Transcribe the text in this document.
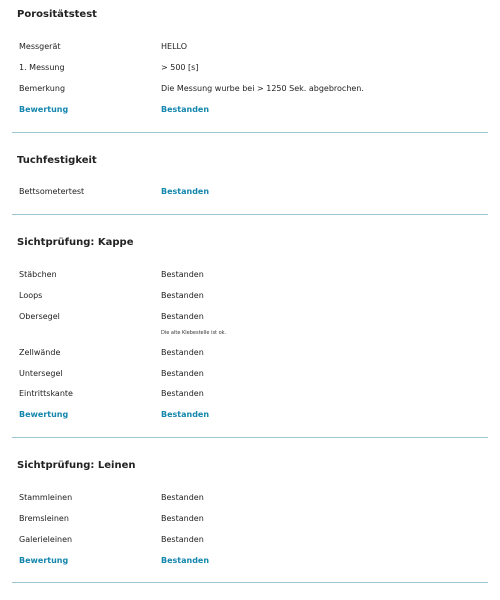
Porositätstest
Messgerät	HELLO
1. Messung	> 500 [s]
Bemerkung	Die Messung wurbe bei > 1250 Sek. abgebrochen.
Bewertung	Bestanden
Tuchfestigkeit
Bettsometertest	Bestanden
Sichtprüfung: Kappe
Stäbchen	Bestanden
Loops	Bestanden
Obersegel	Bestanden
Die alte Klebestelle ist ok.
Zellwände	Bestanden
Untersegel	Bestanden
Eintrittskante	Bestanden
Bewertung	Bestanden
Sichtprüfung: Leinen
Stammleinen	Bestanden
Bremsleinen	Bestanden
Galerieleinen	Bestanden
Bewertung	Bestanden
